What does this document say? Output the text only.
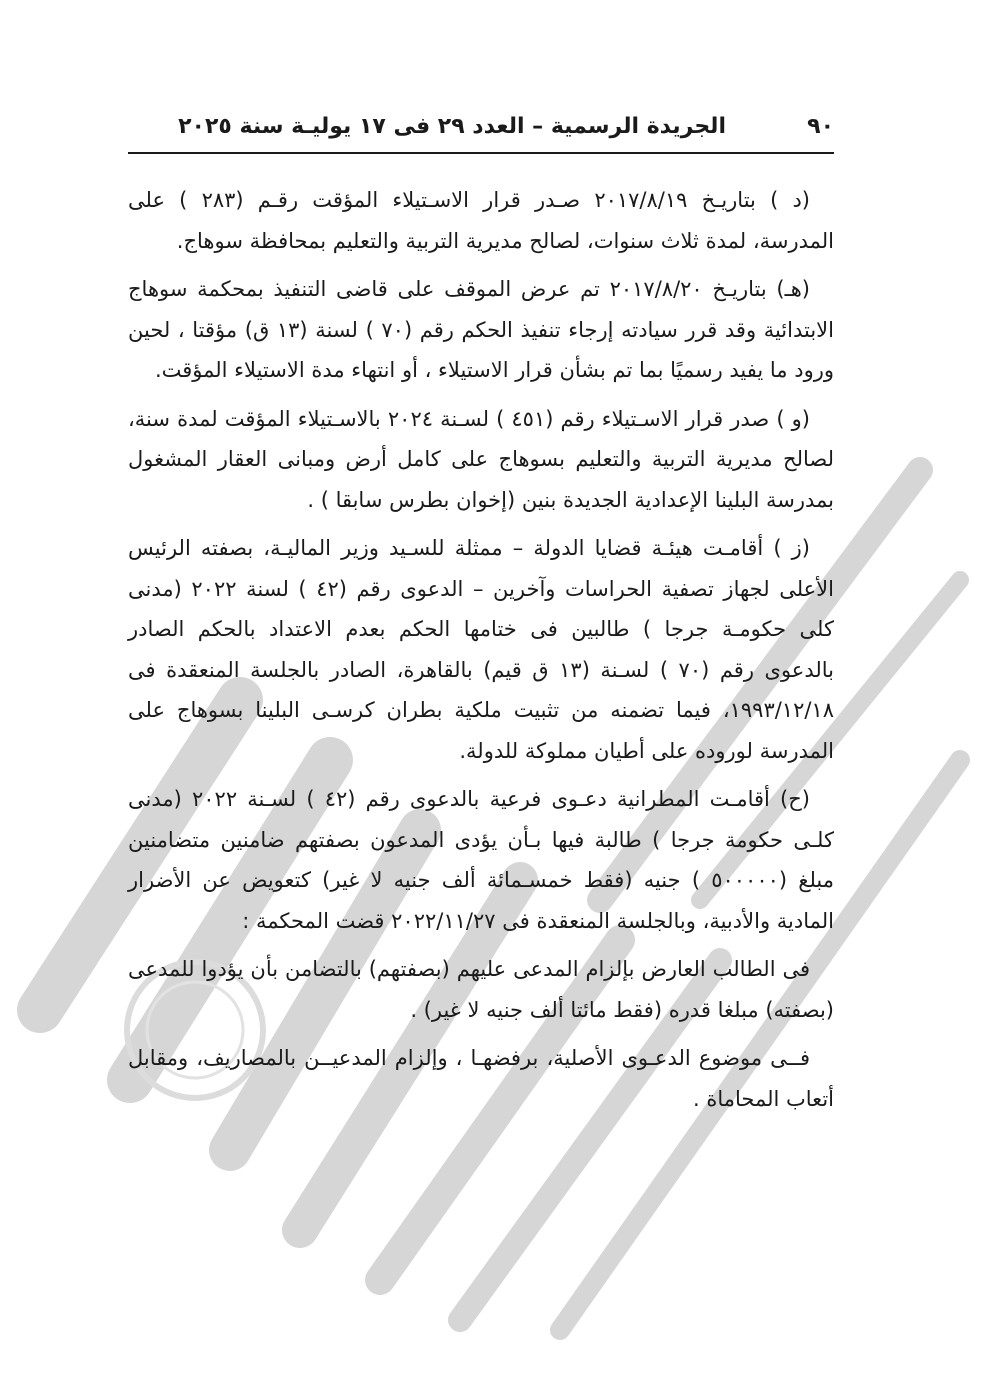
٩٠
الجريدة الرسمية – العدد ٢٩ فى ١٧ يوليـة سنة ٢٠٢٥

(د ) بتاريـخ ٢٠١٧/٨/١٩ صـدر قرار الاسـتيلاء المؤقت رقـم (٢٨٣ ) على المدرسة، لمدة ثلاث سنوات، لصالح مديرية التربية والتعليم بمحافظة سوهاج.

(هـ) بتاريـخ ٢٠١٧/٨/٢٠ تم عرض الموقف على قاضى التنفيذ بمحكمة سوهاج الابتدائية وقد قرر سيادته إرجاء تنفيذ الحكم رقم (٧٠ ) لسنة (١٣ ق) مؤقتا ، لحين ورود ما يفيد رسميًا بما تم بشأن قرار الاستيلاء ، أو انتهاء مدة الاستيلاء المؤقت.

(و ) صدر قرار الاسـتيلاء رقم (٤٥١ ) لسـنة ٢٠٢٤ بالاسـتيلاء المؤقت لمدة سنة، لصالح مديرية التربية والتعليم بسوهاج على كامل أرض ومبانى العقار المشغول بمدرسة البلينا الإعدادية الجديدة بنين (إخوان بطرس سابقا ) .

(ز ) أقامـت هيئـة قضايا الدولة – ممثلة للسـيد وزير الماليـة، بصفته الرئيس الأعلى لجهاز تصفية الحراسات وآخرين – الدعوى رقم (٤٢ ) لسنة ٢٠٢٢ (مدنى كلى حكومـة جرجا ) طالبين فى ختامها الحكم بعدم الاعتداد بالحكم الصادر بالدعوى رقم (٧٠ ) لسـنة (١٣ ق قيم) بالقاهرة، الصادر بالجلسة المنعقدة فى ١٩٩٣/١٢/١٨، فيما تضمنه من تثبيت ملكية بطران كرسـى البلينا بسوهاج على المدرسة لوروده على أطيان مملوكة للدولة.

(ح) أقامـت المطرانية دعـوى فرعية بالدعوى رقم (٤٢ ) لسـنة ٢٠٢٢ (مدنى كلـى حكومة جرجا ) طالبة فيها بـأن يؤدى المدعون بصفتهم ضامنين متضامنين مبلغ (٥٠٠٠٠٠ ) جنيه (فقط خمسـمائة ألف جنيه لا غير) كتعويض عن الأضرار المادية والأدبية، وبالجلسة المنعقدة فى ٢٠٢٢/١١/٢٧ قضت المحكمة :

فى الطالب العارض بإلزام المدعى عليهم (بصفتهم) بالتضامن بأن يؤدوا للمدعى (بصفته) مبلغا قدره (فقط مائتا ألف جنيه لا غير) .

فــى موضوع الدعـوى الأصلية، برفضهـا ، وإلزام المدعيــن بالمصاريف، ومقابل أتعاب المحاماة .
